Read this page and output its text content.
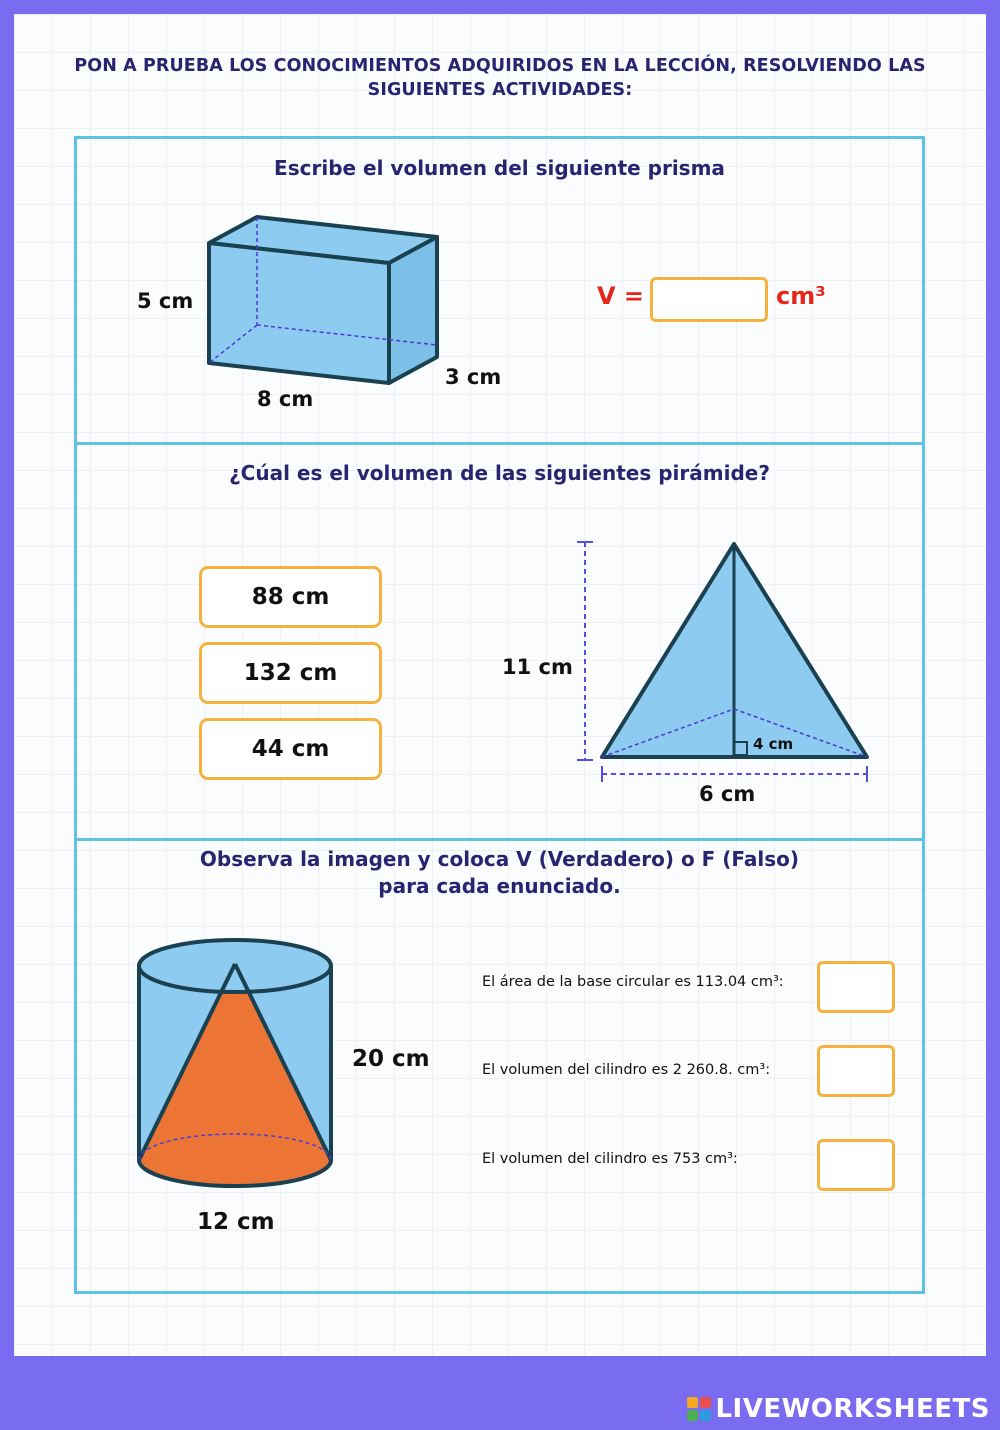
PON A PRUEBA LOS CONOCIMIENTOS ADQUIRIDOS EN LA LECCIÓN, RESOLVIENDO LAS SIGUIENTES ACTIVIDADES:
Escribe el volumen del siguiente prisma
5 cm
8 cm
3 cm
V =	cm³
¿Cúal es el volumen de las siguientes pirámide?
88 cm
132 cm
44 cm
11 cm
4 cm
6 cm
Observa la imagen y coloca V (Verdadero) o F (Falso)
para cada enunciado.
20 cm
12 cm
El área de la base circular es 113.04 cm³:
El volumen del cilindro es 2 260.8. cm³:
El volumen del cilindro es 753 cm³:
LIVEWORKSHEETS
